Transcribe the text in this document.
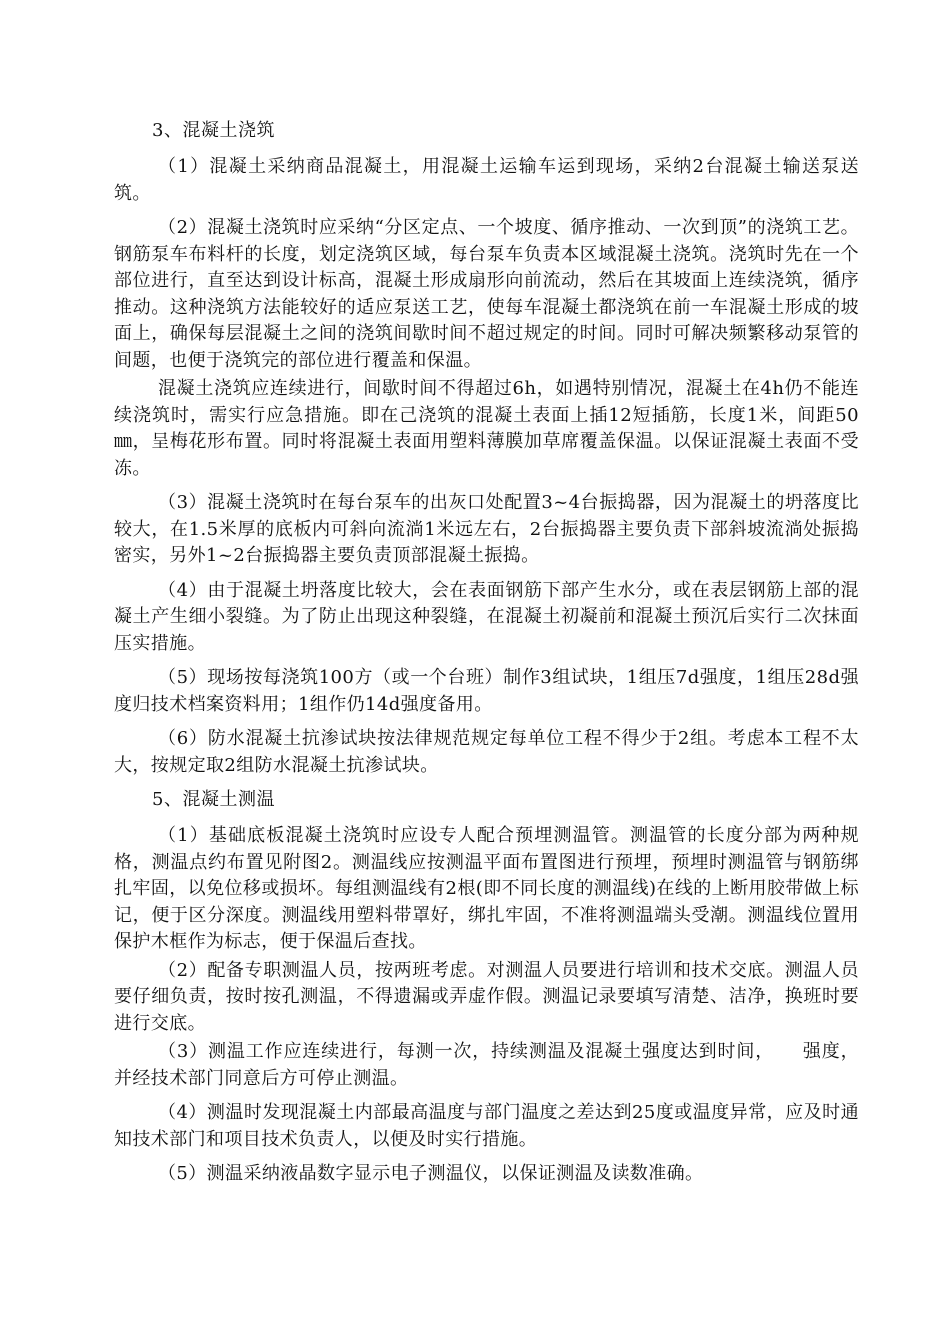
3、混凝土浇筑

（1）混凝土采纳商品混凝土，用混凝土运输车运到现场，采纳2台混凝土输送泵送筑。

（2）混凝土浇筑时应采纳“分区定点、一个坡度、循序推动、一次到顶”的浇筑工艺。钢筋泵车布料杆的长度，划定浇筑区域，每台泵车负责本区域混凝土浇筑。浇筑时先在一个部位进行，直至达到设计标高，混凝土形成扇形向前流动，然后在其坡面上连续浇筑，循序推动。这种浇筑方法能较好的适应泵送工艺，使每车混凝土都浇筑在前一车混凝土形成的坡面上，确保每层混凝土之间的浇筑间歇时间不超过规定的时间。同时可解决频繁移动泵管的间题，也便于浇筑完的部位进行覆盖和保温。

混凝土浇筑应连续进行，间歇时间不得超过6h，如遇特别情况，混凝土在4h仍不能连续浇筑时，需实行应急措施。即在己浇筑的混凝土表面上插12短插筋，长度1米，间距50㎜，呈梅花形布置。同时将混凝土表面用塑料薄膜加草席覆盖保温。以保证混凝土表面不受冻。

（3）混凝土浇筑时在每台泵车的出灰口处配置3~4台振捣器，因为混凝土的坍落度比较大，在1.5米厚的底板内可斜向流淌1米远左右，2台振捣器主要负责下部斜坡流淌处振捣密实，另外1~2台振捣器主要负责顶部混凝土振捣。

（4）由于混凝土坍落度比较大，会在表面钢筋下部产生水分，或在表层钢筋上部的混凝土产生细小裂缝。为了防止出现这种裂缝，在混凝土初凝前和混凝土预沉后实行二次抹面压实措施。

（5）现场按每浇筑100方（或一个台班）制作3组试块，1组压7d强度，1组压28d强度归技术档案资料用；1组作仍14d强度备用。

（6）防水混凝土抗渗试块按法律规范规定每单位工程不得少于2组。考虑本工程不太大，按规定取2组防水混凝土抗渗试块。

5、混凝土测温

（1）基础底板混凝土浇筑时应设专人配合预埋测温管。测温管的长度分部为两种规格，测温点约布置见附图2。测温线应按测温平面布置图进行预埋，预埋时测温管与钢筋绑扎牢固，以免位移或损坏。每组测温线有2根(即不同长度的测温线)在线的上断用胶带做上标记，便于区分深度。测温线用塑料带罩好，绑扎牢固，不准将测温端头受潮。测温线位置用保护木框作为标志，便于保温后查找。

（2）配备专职测温人员，按两班考虑。对测温人员要进行培训和技术交底。测温人员要仔细负责，按时按孔测温，不得遗漏或弄虚作假。测温记录要填写清楚、洁净，换班时要进行交底。

（3）测温工作应连续进行，每测一次，持续测温及混凝土强度达到时间，　　强度，并经技术部门同意后方可停止测温。

（4）测温时发现混凝土内部最高温度与部门温度之差达到25度或温度异常，应及时通知技术部门和项目技术负责人，以便及时实行措施。

（5）测温采纳液晶数字显示电子测温仪，以保证测温及读数准确。
